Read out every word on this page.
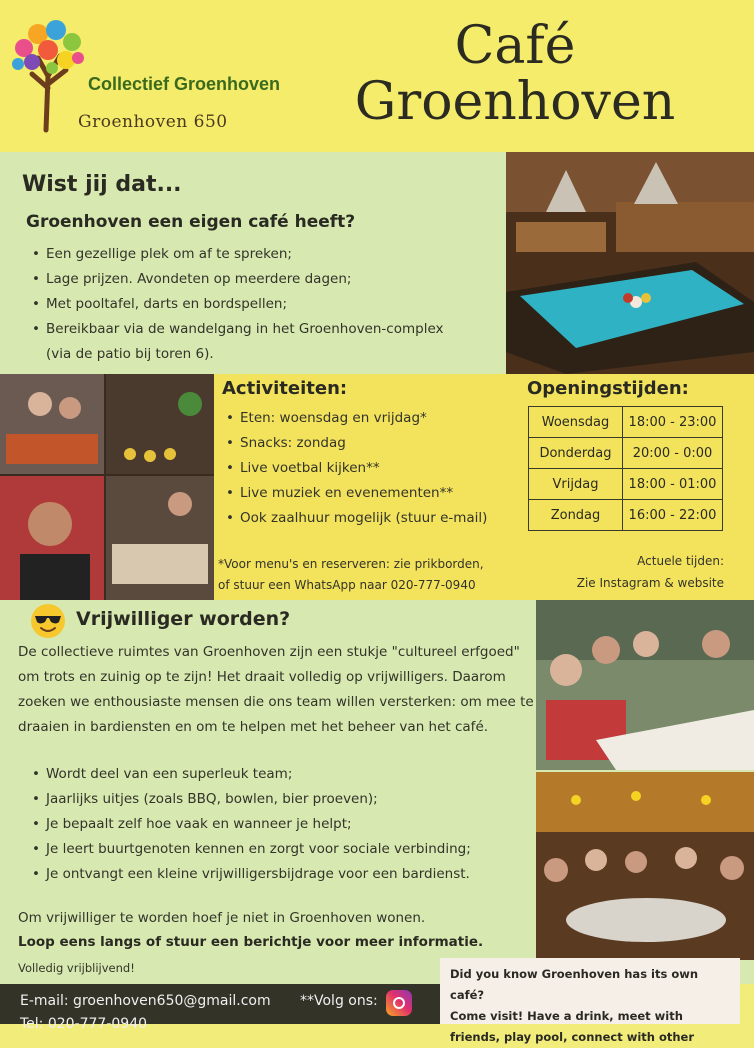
Collectief Groenhoven
Groenhoven 650
Café
Groenhoven
Wist jij dat...
Groenhoven een eigen café heeft?
• Een gezellige plek om af te spreken;
• Lage prijzen. Avondeten op meerdere dagen;
• Met pooltafel, darts en bordspellen;
• Bereikbaar via de wandelgang in het Groenhoven-complex
(via de patio bij toren 6).
Activiteiten:
• Eten: woensdag en vrijdag*
• Snacks: zondag
• Live voetbal kijken**
• Live muziek en evenementen**
• Ook zaalhuur mogelijk (stuur e-mail)
*Voor menu's en reserveren: zie prikborden,
of stuur een WhatsApp naar 020-777-0940
Openingstijden:
Woensdag	18:00 - 23:00
Donderdag	20:00 - 0:00
Vrijdag	18:00 - 01:00
Zondag	16:00 - 22:00
Actuele tijden:
Zie Instagram & website
Vrijwilliger worden?
De collectieve ruimtes van Groenhoven zijn een stukje "cultureel erfgoed" om trots en zuinig op te zijn! Het draait volledig op vrijwilligers. Daarom zoeken we enthousiaste mensen die ons team willen versterken: om mee te draaien in bardiensten en om te helpen met het beheer van het café.
• Wordt deel van een superleuk team;
• Jaarlijks uitjes (zoals BBQ, bowlen, bier proeven);
• Je bepaalt zelf hoe vaak en wanneer je helpt;
• Je leert buurtgenoten kennen en zorgt voor sociale verbinding;
• Je ontvangt een kleine vrijwilligersbijdrage voor een bardienst.
Om vrijwilliger te worden hoef je niet in Groenhoven wonen.
Loop eens langs of stuur een berichtje voor meer informatie.
Volledig vrijblijvend!	Did you know Groenhoven has its own café?
Come visit! Have a drink, meet with
friends, play pool, connect with other
E-mail: groenhoven650@gmail.com **Volg ons:
Tel: 020-777-0940
